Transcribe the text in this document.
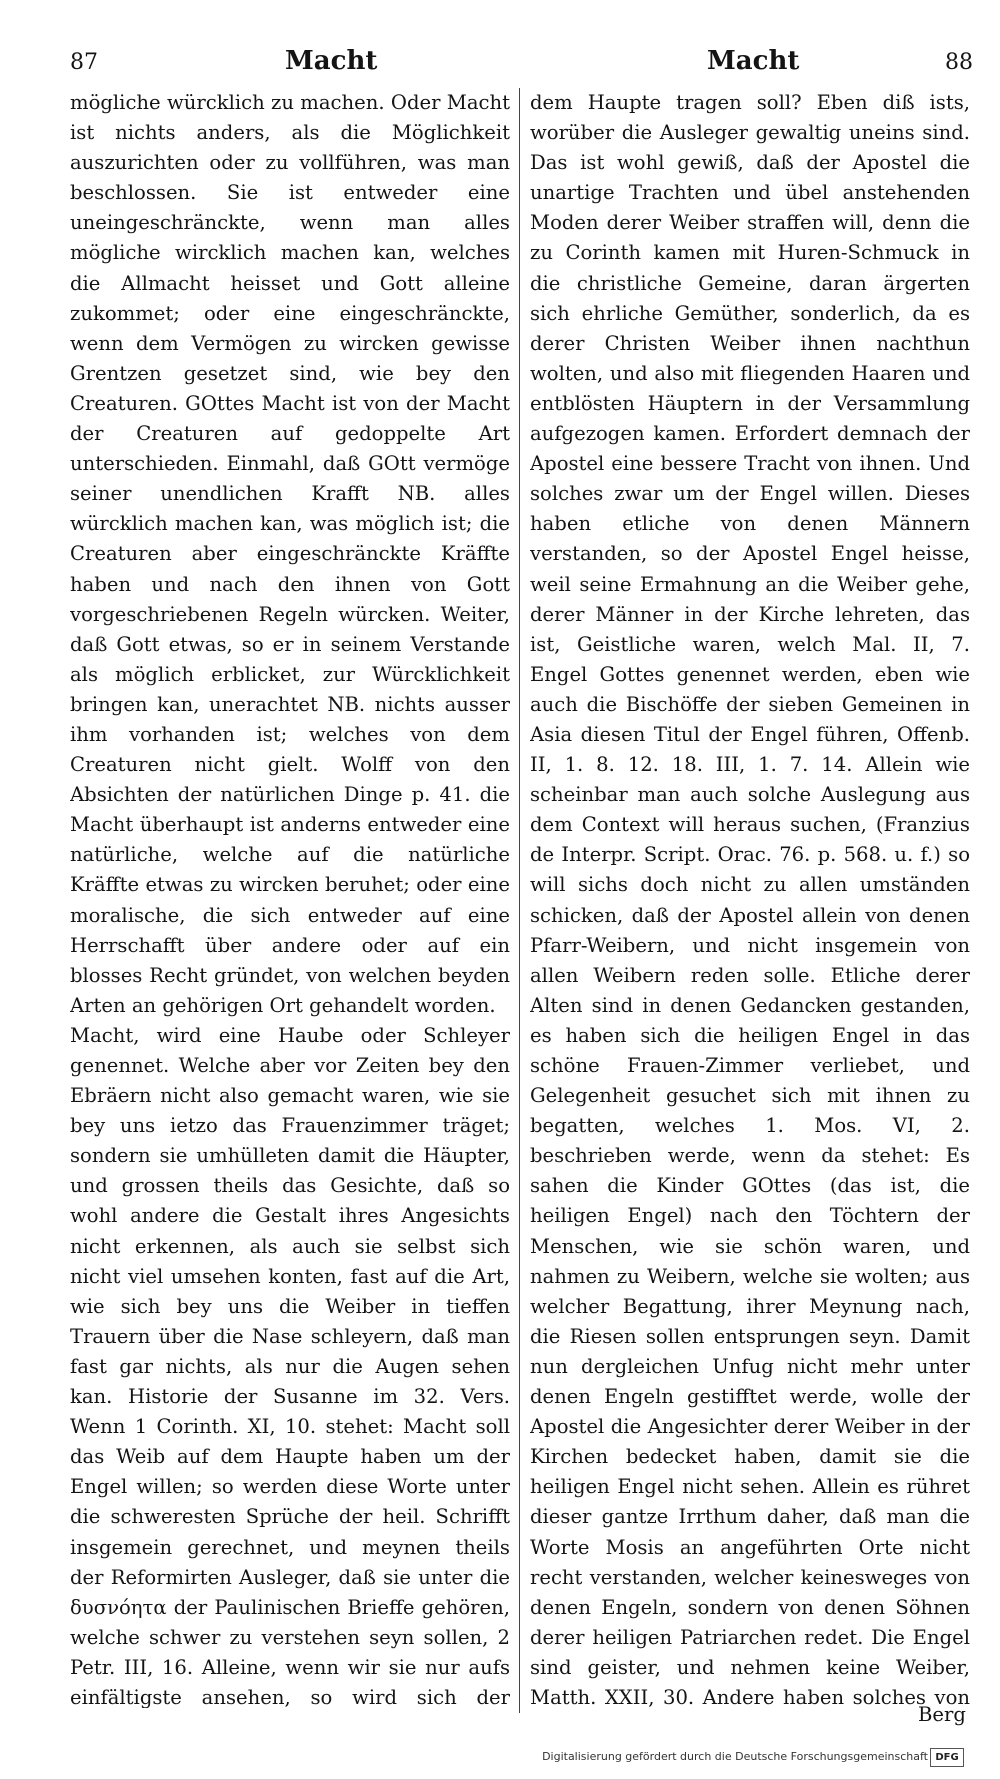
87	Macht	Macht	88

mögliche würcklich zu machen. Oder Macht ist nichts anders, als die Möglichkeit auszurichten oder zu vollführen, was man beschlossen. Sie ist entweder eine uneingeschränckte, wenn man alles mögliche wircklich machen kan, welches die Allmacht heisset und Gott alleine zukommet; oder eine eingeschränckte, wenn dem Vermögen zu wircken gewisse Grentzen gesetzet sind, wie bey den Creaturen. GOttes Macht ist von der Macht der Creaturen auf gedoppelte Art unterschieden. Einmahl, daß GOtt vermöge seiner unendlichen Krafft NB. alles würcklich machen kan, was möglich ist; die Creaturen aber eingeschränckte Kräffte haben und nach den ihnen von Gott vorgeschriebenen Regeln würcken. Weiter, daß Gott etwas, so er in seinem Verstande als möglich erblicket, zur Würcklichkeit bringen kan, unerachtet NB. nichts ausser ihm vorhanden ist; welches von dem Creaturen nicht gielt. Wolff von den Absichten der natürlichen Dinge p. 41. die Macht überhaupt ist anderns entweder eine natürliche, welche auf die natürliche Kräffte etwas zu wircken beruhet; oder eine moralische, die sich entweder auf eine Herrschafft über andere oder auf ein blosses Recht gründet, von welchen beyden Arten an gehörigen Ort gehandelt worden.

Macht, wird eine Haube oder Schleyer genennet. Welche aber vor Zeiten bey den Ebräern nicht also gemacht waren, wie sie bey uns ietzo das Frauenzimmer träget; sondern sie umhülleten damit die Häupter, und grossen theils das Gesichte, daß so wohl andere die Gestalt ihres Angesichts nicht erkennen, als auch sie selbst sich nicht viel umsehen konten, fast auf die Art, wie sich bey uns die Weiber in tieffen Trauern über die Nase schleyern, daß man fast gar nichts, als nur die Augen sehen kan. Historie der Susanne im 32. Vers. Wenn 1 Corinth. XI, 10. stehet: Macht soll das Weib auf dem Haupte haben um der Engel willen; so werden diese Worte unter die schweresten Sprüche der heil. Schrifft insgemein gerechnet, und meynen theils der Reformirten Ausleger, daß sie unter die δυσνόητα der Paulinischen Brieffe gehören, welche schwer zu verstehen seyn sollen, 2 Petr. III, 16. Alleine, wenn wir sie nur aufs einfältigste ansehen, so wird sich der

dem Haupte tragen soll? Eben diß ists, worüber die Ausleger gewaltig uneins sind. Das ist wohl gewiß, daß der Apostel die unartige Trachten und übel anstehenden Moden derer Weiber straffen will, denn die zu Corinth kamen mit Huren-Schmuck in die christliche Gemeine, daran ärgerten sich ehrliche Gemüther, sonderlich, da es derer Christen Weiber ihnen nachthun wolten, und also mit fliegenden Haaren und entblösten Häuptern in der Versammlung aufgezogen kamen. Erfordert demnach der Apostel eine bessere Tracht von ihnen. Und solches zwar um der Engel willen. Dieses haben etliche von denen Männern verstanden, so der Apostel Engel heisse, weil seine Ermahnung an die Weiber gehe, derer Männer in der Kirche lehreten, das ist, Geistliche waren, welch Mal. II, 7. Engel Gottes genennet werden, eben wie auch die Bischöffe der sieben Gemeinen in Asia diesen Titul der Engel führen, Offenb. II, 1. 8. 12. 18. III, 1. 7. 14. Allein wie scheinbar man auch solche Auslegung aus dem Context will heraus suchen, (Franzius de Interpr. Script. Orac. 76. p. 568. u. f.) so will sichs doch nicht zu allen umständen schicken, daß der Apostel allein von denen Pfarr-Weibern, und nicht insgemein von allen Weibern reden solle. Etliche derer Alten sind in denen Gedancken gestanden, es haben sich die heiligen Engel in das schöne Frauen-Zimmer verliebet, und Gelegenheit gesuchet sich mit ihnen zu begatten, welches 1. Mos. VI, 2. beschrieben werde, wenn da stehet: Es sahen die Kinder GOttes (das ist, die heiligen Engel) nach den Töchtern der Menschen, wie sie schön waren, und nahmen zu Weibern, welche sie wolten; aus welcher Begattung, ihrer Meynung nach, die Riesen sollen entsprungen seyn. Damit nun dergleichen Unfug nicht mehr unter denen Engeln gestifftet werde, wolle der Apostel die Angesichter derer Weiber in der Kirchen bedecket haben, damit sie die heiligen Engel nicht sehen. Allein es rühret dieser gantze Irrthum daher, daß man die Worte Mosis an angeführten Orte nicht recht verstanden, welcher keinesweges von denen Engeln, sondern von denen Söhnen derer heiligen Patriarchen redet. Die Engel sind geister, und nehmen keine Weiber, Matth. XXII, 30. Andere haben solches von

Berg
Digitalisierung gefördert durch die Deutsche Forschungsgemeinschaft DFG
